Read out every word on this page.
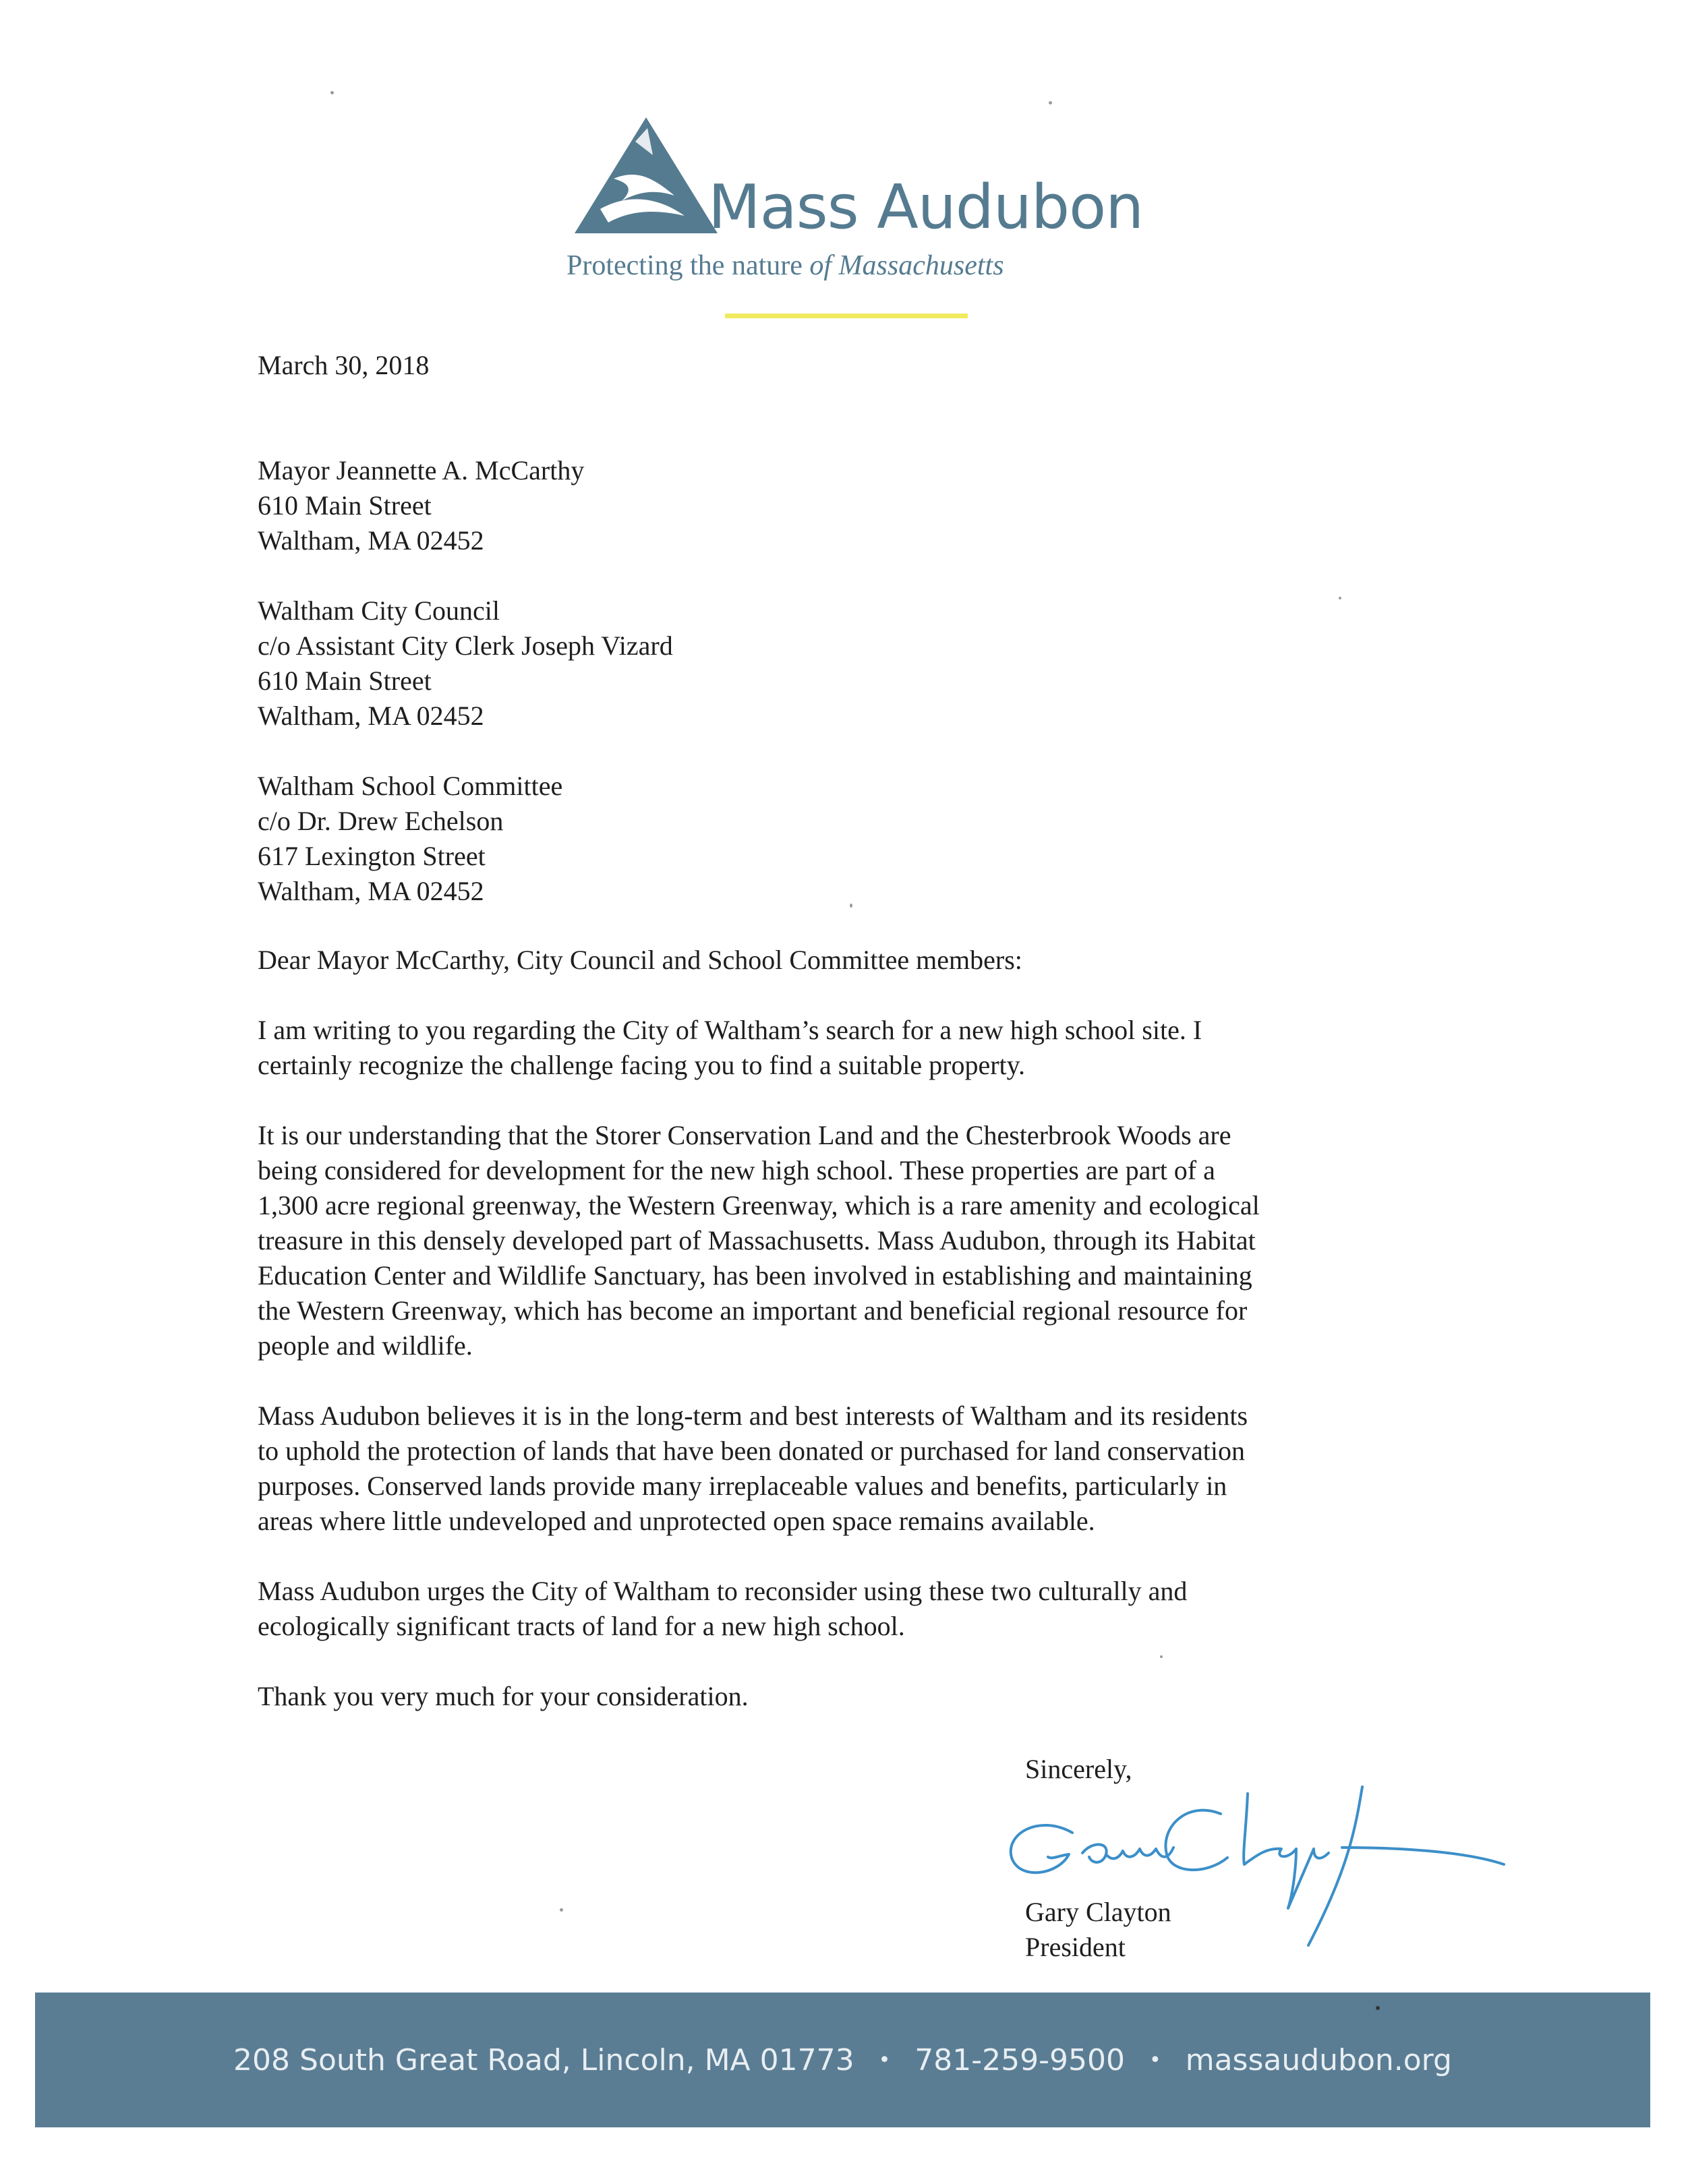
Mass Audubon
Protecting the nature of Massachusetts
March 30, 2018
Mayor Jeannette A. McCarthy
610 Main Street
Waltham, MA 02452
Waltham City Council
c/o Assistant City Clerk Joseph Vizard
610 Main Street
Waltham, MA 02452
Waltham School Committee
c/o Dr. Drew Echelson
617 Lexington Street
Waltham, MA 02452
Dear Mayor McCarthy, City Council and School Committee members:
I am writing to you regarding the City of Waltham’s search for a new high school site. I
certainly recognize the challenge facing you to find a suitable property.
It is our understanding that the Storer Conservation Land and the Chesterbrook Woods are
being considered for development for the new high school. These properties are part of a
1,300 acre regional greenway, the Western Greenway, which is a rare amenity and ecological
treasure in this densely developed part of Massachusetts. Mass Audubon, through its Habitat
Education Center and Wildlife Sanctuary, has been involved in establishing and maintaining
the Western Greenway, which has become an important and beneficial regional resource for
people and wildlife.
Mass Audubon believes it is in the long-term and best interests of Waltham and its residents
to uphold the protection of lands that have been donated or purchased for land conservation
purposes. Conserved lands provide many irreplaceable values and benefits, particularly in
areas where little undeveloped and unprotected open space remains available.
Mass Audubon urges the City of Waltham to reconsider using these two culturally and
ecologically significant tracts of land for a new high school.
Thank you very much for your consideration.
Sincerely,
Gary Clayton
President
208 South Great Road, Lincoln, MA 01773 • 781-259-9500 • massaudubon.org
